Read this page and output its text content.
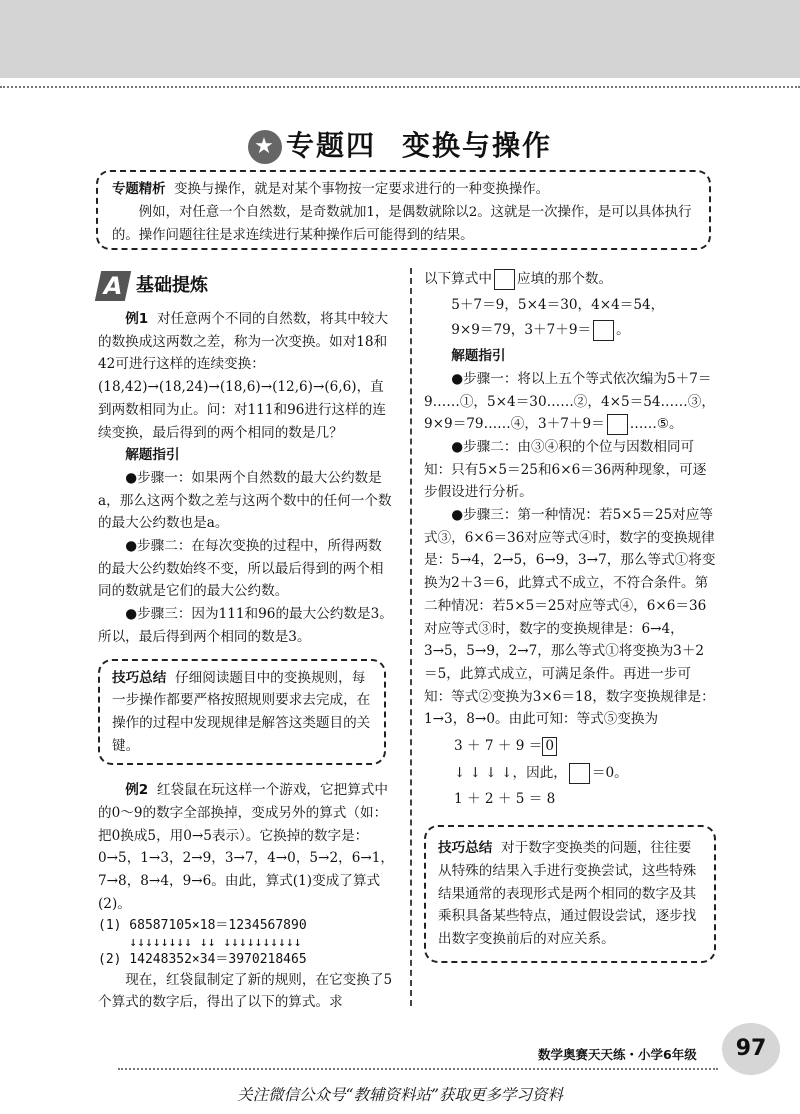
★ 专题四 变换与操作

专题精析 变换与操作，就是对某个事物按一定要求进行的一种变换操作。

例如，对任意一个自然数，是奇数就加1，是偶数就除以2。这就是一次操作，是可以具体执行的。操作问题往往是求连续进行某种操作后可能得到的结果。

A 基础提炼

例1 对任意两个不同的自然数，将其中较大的数换成这两数之差，称为一次变换。如对18和42可进行这样的连续变换：(18,42)→(18,24)→(18,6)→(12,6)→(6,6)，直到两数相同为止。问：对111和96进行这样的连续变换，最后得到的两个相同的数是几？

解题指引

●步骤一：如果两个自然数的最大公约数是a，那么这两个数之差与这两个数中的任何一个数的最大公约数也是a。

●步骤二：在每次变换的过程中，所得两数的最大公约数始终不变，所以最后得到的两个相同的数就是它们的最大公约数。

●步骤三：因为111和96的最大公约数是3。所以，最后得到两个相同的数是3。

技巧总结 仔细阅读题目中的变换规则，每一步操作都要严格按照规则要求去完成，在操作的过程中发现规律是解答这类题目的关键。

例2 红袋鼠在玩这样一个游戏，它把算式中的0～9的数字全部换掉，变成另外的算式（如：把0换成5，用0→5表示）。它换掉的数字是：0→5，1→3，2→9，3→7，4→0，5→2，6→1，7→8，8→4，9→6。由此，算式(1)变成了算式(2)。

(1) 68587105×18＝1234567890
↓↓↓↓↓↓↓↓ ↓↓ ↓↓↓↓↓↓↓↓↓↓
(2) 14248352×34＝3970218465

现在，红袋鼠制定了新的规则，在它变换了5个算式的数字后，得出了以下的算式。求

以下算式中 应填的那个数。

5＋7＝9，5×4＝30，4×4＝54，

9×9＝79，3＋7＋9＝ 。

解题指引

●步骤一：将以上五个等式依次编为5＋7＝9……①，5×4＝30……②，4×5＝54……③，9×9＝79……④，3＋7＋9＝ ……⑤。

●步骤二：由③④积的个位与因数相同可知：只有5×5＝25和6×6＝36两种现象，可逐步假设进行分析。

●步骤三：第一种情况：若5×5＝25对应等式③，6×6＝36对应等式④时，数字的变换规律是：5→4，2→5，6→9，3→7，那么等式①将变换为2＋3＝6，此算式不成立，不符合条件。第二种情况：若5×5＝25对应等式④，6×6＝36对应等式③时，数字的变换规律是：6→4，3→5，5→9，2→7，那么等式①将变换为3＋2＝5，此算式成立，可满足条件。再进一步可知：等式②变换为3×6＝18，数字变换规律是：1→3，8→0。由此可知：等式⑤变换为

3 ＋ 7 ＋ 9 ＝ 0
↓ ↓ ↓ ↓，因此， ＝0。
1 ＋ 2 ＋ 5 ＝ 8

技巧总结 对于数字变换类的问题，往往要从特殊的结果入手进行变换尝试，这些特殊结果通常的表现形式是两个相同的数字及其乘积具备某些特点，通过假设尝试，逐步找出数字变换前后的对应关系。

97
数学奥赛天天练・小学6年级
关注微信公众号“教辅资料站”获取更多学习资料
